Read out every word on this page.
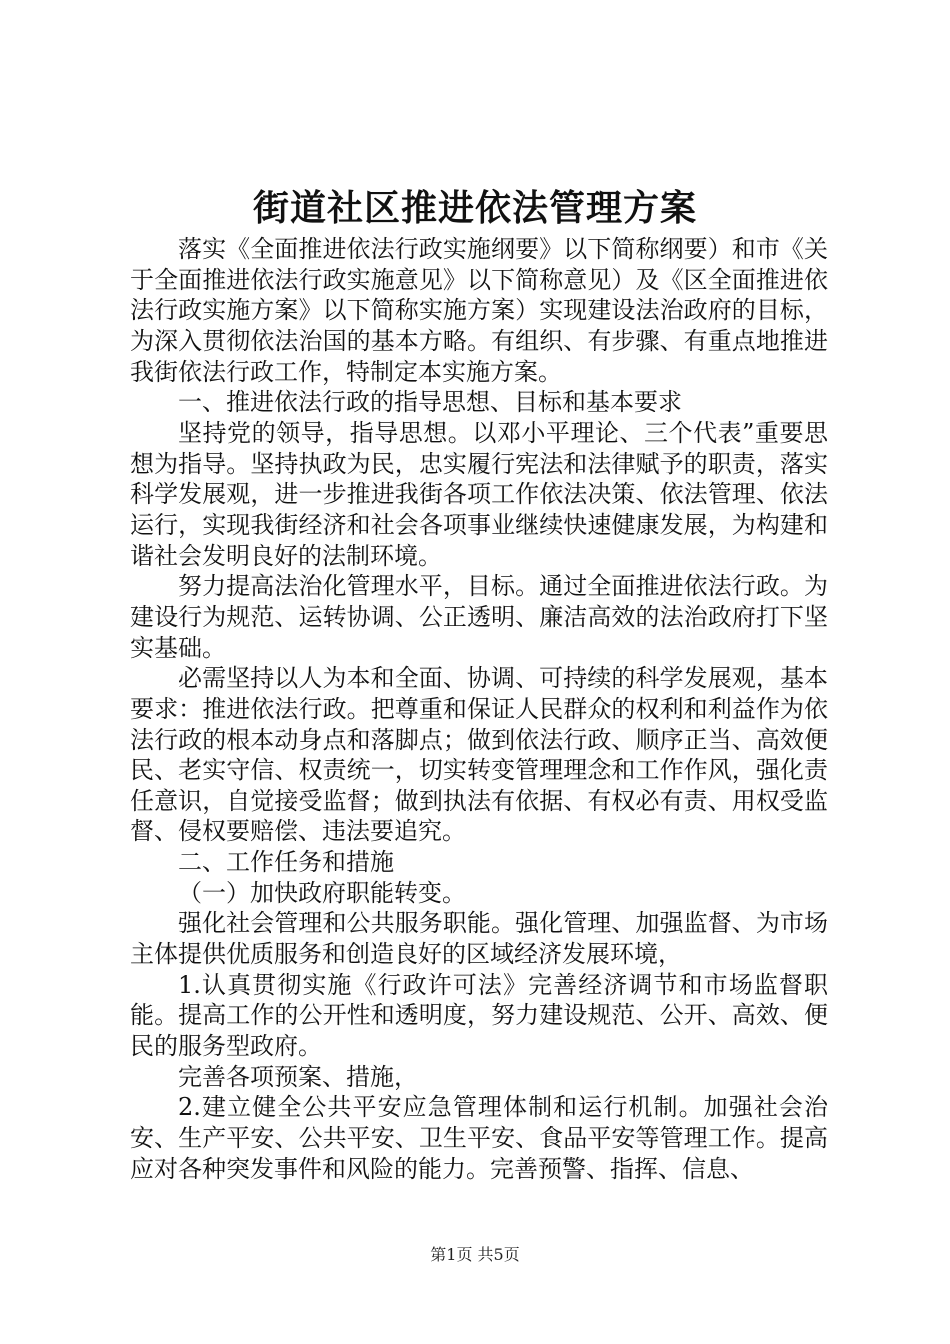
街道社区推进依法管理方案

落实《全面推进依法行政实施纲要》以下简称纲要）和市《关于全面推进依法行政实施意见》以下简称意见）及《区全面推进依法行政实施方案》以下简称实施方案）实现建设法治政府的目标，为深入贯彻依法治国的基本方略。有组织、有步骤、有重点地推进我街依法行政工作，特制定本实施方案。

一、推进依法行政的指导思想、目标和基本要求

坚持党的领导，指导思想。以邓小平理论、三个代表”重要思想为指导。坚持执政为民，忠实履行宪法和法律赋予的职责，落实科学发展观，进一步推进我街各项工作依法决策、依法管理、依法运行，实现我街经济和社会各项事业继续快速健康发展，为构建和谐社会发明良好的法制环境。

努力提高法治化管理水平，目标。通过全面推进依法行政。为建设行为规范、运转协调、公正透明、廉洁高效的法治政府打下坚实基础。

必需坚持以人为本和全面、协调、可持续的科学发展观，基本要求：推进依法行政。把尊重和保证人民群众的权利和利益作为依法行政的根本动身点和落脚点；做到依法行政、顺序正当、高效便民、老实守信、权责统一，切实转变管理理念和工作作风，强化责任意识，自觉接受监督；做到执法有依据、有权必有责、用权受监督、侵权要赔偿、违法要追究。

二、工作任务和措施

（一）加快政府职能转变。

强化社会管理和公共服务职能。强化管理、加强监督、为市场主体提供优质服务和创造良好的区域经济发展环境，

1.认真贯彻实施《行政许可法》完善经济调节和市场监督职能。提高工作的公开性和透明度，努力建设规范、公开、高效、便民的服务型政府。

完善各项预案、措施，

2.建立健全公共平安应急管理体制和运行机制。加强社会治安、生产平安、公共平安、卫生平安、食品平安等管理工作。提高应对各种突发事件和风险的能力。完善预警、指挥、信息、

第1页 共5页
